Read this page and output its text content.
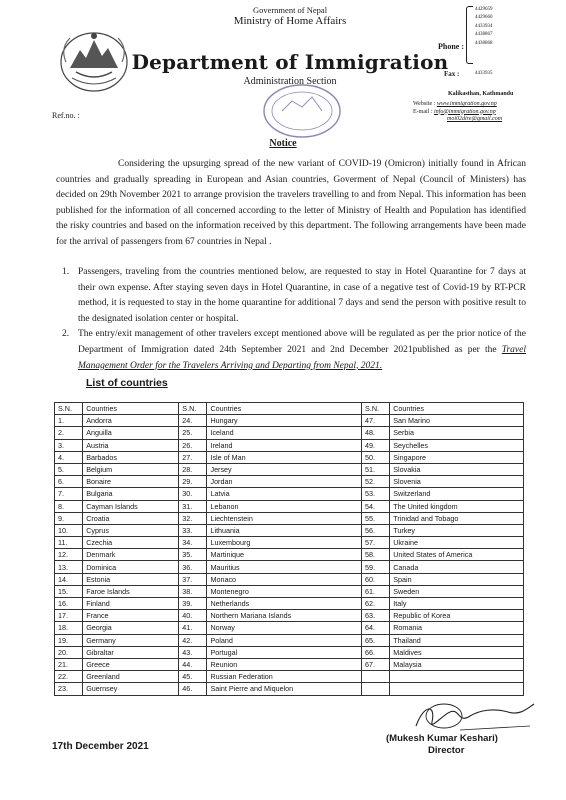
Government of Nepal
Ministry of Home Affairs
Department of Immigration
Administration Section
Phone :
4429659
4429660
4433934
4438867
4438868
Fax :	4433935
Kalikasthan, Kathmandu
Website : www.immigration.gov.np
E-mail : info@immigration.gov.np
moi02dire@gmail.com
Ref.no. :
Notice
Considering the upsurging spread of the new variant of COVID-19 (Omicron) initially found in African countries and gradually spreading in European and Asian countries, Goverment of Nepal (Council of Ministers) has decided on 29th November 2021 to arrange provision the travelers travelling to and from Nepal. This information has been published for the information of all concerned according to the letter of Ministry of Health and Population has identified the risky countries and based on the information received by this department. The following arrangements have been made for the arrival of passengers from 67 countries in Nepal .
1. Passengers, traveling from the countries mentioned below, are requested to stay in Hotel Quarantine for 7 days at their own expense. After staying seven days in Hotel Quarantine, in case of a negative test of Covid-19 by RT-PCR method, it is requested to stay in the home quarantine for additional 7 days and send the person with positive result to the designated isolation center or hospital.
2. The entry/exit management of other travelers except mentioned above will be regulated as per the prior notice of the Department of Immigration dated 24th September 2021 and 2nd December 2021published as per the Travel Management Order for the Travelers Arriving and Departing from Nepal, 2021.
List of countries
S.N.	Countries	S.N.	Countries	S.N.	Countries
1.	Andorra	24.	Hungary	47.	San Marino
2.	Anguilla	25.	Iceland	48.	Serbia
3.	Austria	26.	Ireland	49.	Seychelles
4.	Barbados	27.	Isle of Man	50.	Singapore
5.	Belgium	28.	Jersey	51.	Slovakia
6.	Bonaire	29.	Jordan	52.	Slovenia
7.	Bulgaria	30.	Latvia	53.	Switzerland
8.	Cayman Islands	31.	Lebanon	54.	The United kingdom
9.	Croatia	32.	Liechtenstein	55.	Trinidad and Tobago
10.	Cyprus	33.	Lithuania	56.	Turkey
11.	Czechia	34.	Luxembourg	57.	Ukraine
12.	Denmark	35.	Martinique	58.	United States of America
13.	Dominica	36.	Mauritius	59.	Canada
14.	Estonia	37.	Monaco	60.	Spain
15.	Faroe Islands	38.	Montenegro	61.	Sweden
16.	Finland	39.	Netherlands	62.	Italy
17.	France	40.	Northern Mariana Islands	63.	Republic of Korea
18.	Georgia	41.	Norway	64.	Romania
19.	Germany	42.	Poland	65.	Thailand
20.	Gibraltar	43.	Portugal	66.	Maldives
21.	Greece	44.	Reunion	67.	Malaysia
22.	Greenland	45.	Russian Federation		
23.	Guernsey	46.	Saint Pierre and Miquelon		
17th December 2021
(Mukesh Kumar Keshari)
Director
